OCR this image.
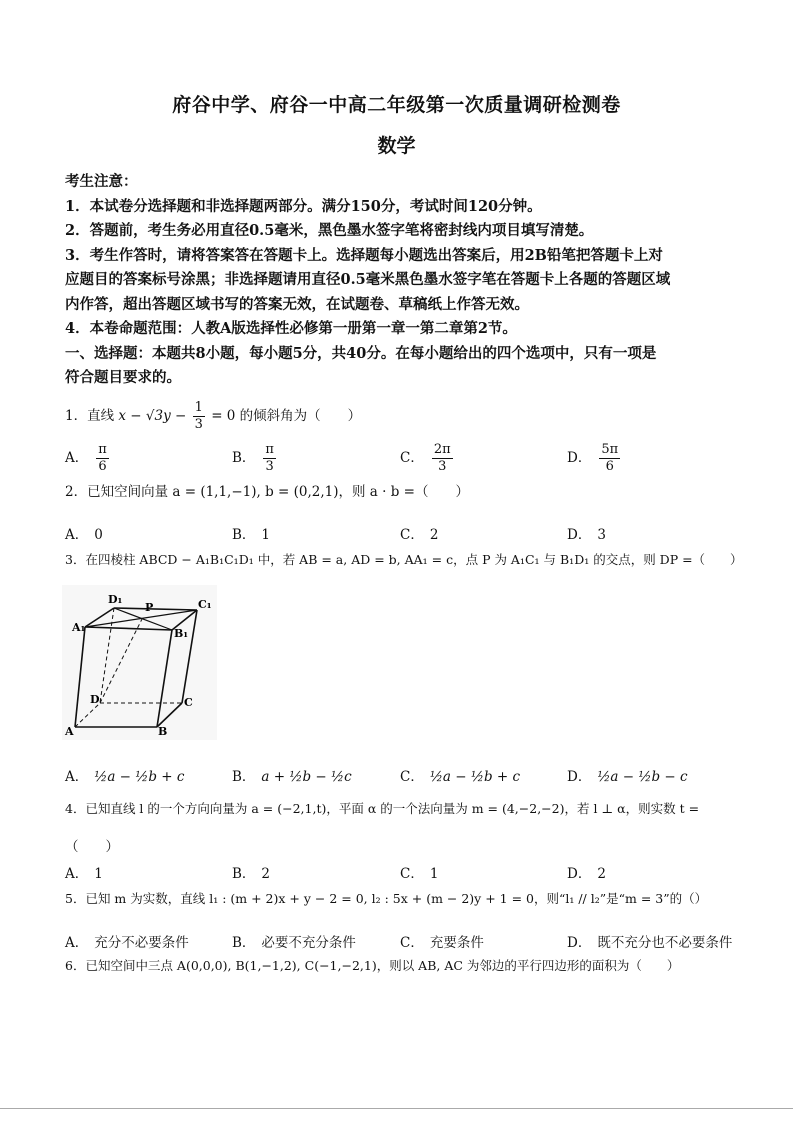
府谷中学、府谷一中高二年级第一次质量调研检测卷
数学

考生注意：

1．本试卷分选择题和非选择题两部分。满分150分，考试时间120分钟。

2．答题前，考生务必用直径0.5毫米，黑色墨水签字笔将密封线内项目填写清楚。

3．考生作答时，请将答案答在答题卡上。选择题每小题选出答案后，用2B铅笔把答题卡上对

应题目的答案标号涂黑；非选择题请用直径0.5毫米黑色墨水签字笔在答题卡上各题的答题区域

内作答，超出答题区域书写的答案无效，在试题卷、草稿纸上作答无效。

4．本卷命题范围：人教A版选择性必修第一册第一章一第二章第2节。

一、选择题：本题共8小题，每小题5分，共40分。在每小题给出的四个选项中，只有一项是

符合题目要求的。

1．直线 $x - √3y - \frac{1}{3} = 0$ 的倾斜角为（　　）
A． $\frac{\pi}{6}$	B． $\frac{\pi}{3}$	C． $\frac{2\pi}{3}$	D． $\frac{5\pi}{6}$
2．已知空间向量 a = (1,1,−1), b = (0,2,1)，则 a · b =（　　）
A． 0	B． 1	C． 2	D． 3
3．在四棱柱 ABCD − A₁B₁C₁D₁ 中，若 AB = a, AD = b, AA₁ = c，点 P 为 A₁C₁ 与 B₁D₁ 的交点，则 DP =（　　）
D₁
P	C₁
A₁	B₁
D	C
A	B
A． ½a − ½b + c	B． a + ½b − ½c	C． ½a − ½b + c	D． ½a − ½b − c
4．已知直线 l 的一个方向向量为 a = (−2,1,t)，平面 α 的一个法向量为 m = (4,−2,−2)，若 l ⊥ α，则实数 t =
（　　）
A． 1	B． 2	C． 1	D． 2
5．已知 m 为实数，直线 l₁ : (m + 2)x + y − 2 = 0, l₂ : 5x + (m − 2)y + 1 = 0，则“l₁ // l₂”是“m = 3”的（）
A． 充分不必要条件	B． 必要不充分条件	C． 充要条件	D． 既不充分也不必要条件
6．已知空间中三点 A(0,0,0), B(1,−1,2), C(−1,−2,1)，则以 AB, AC 为邻边的平行四边形的面积为（　　）
